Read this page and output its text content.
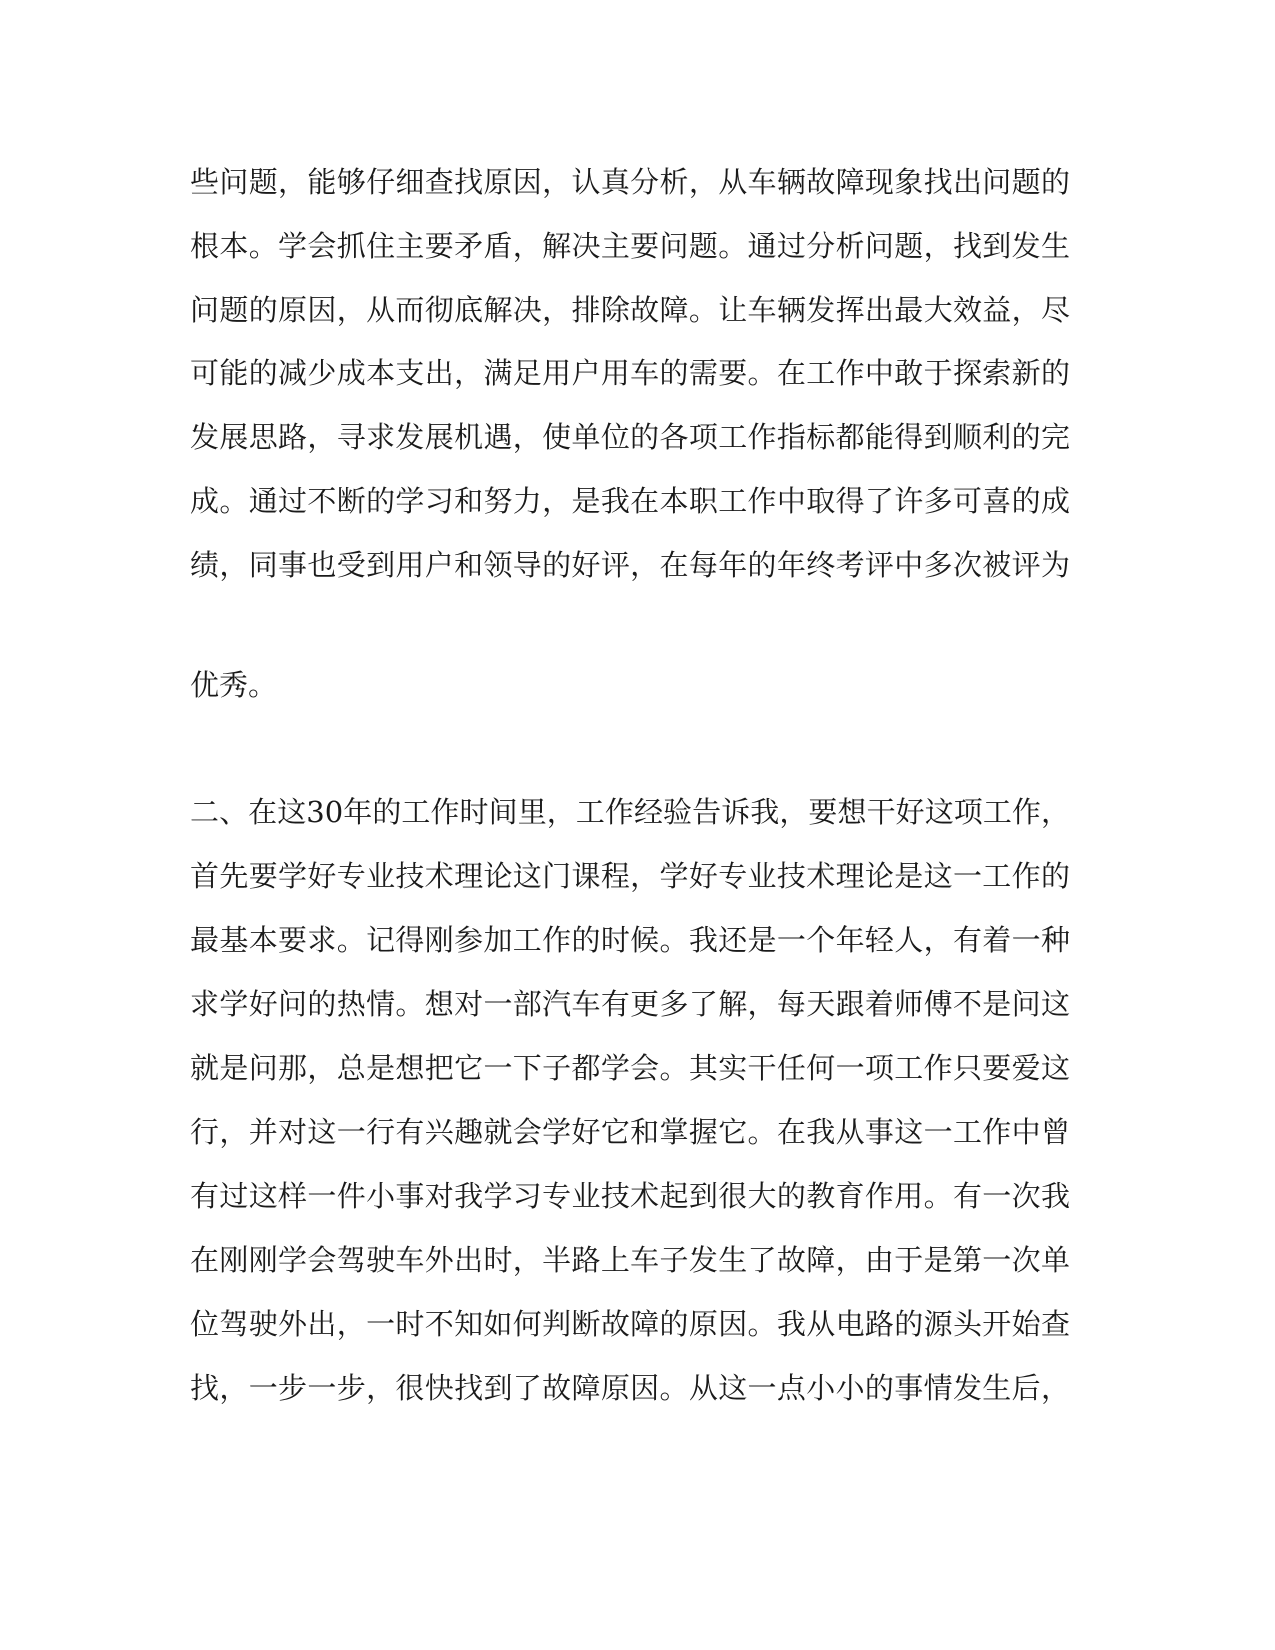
些问题，能够仔细查找原因，认真分析，从车辆故障现象找出问题的
根本。学会抓住主要矛盾，解决主要问题。通过分析问题，找到发生
问题的原因，从而彻底解决，排除故障。让车辆发挥出最大效益，尽
可能的减少成本支出，满足用户用车的需要。在工作中敢于探索新的
发展思路，寻求发展机遇，使单位的各项工作指标都能得到顺利的完
成。通过不断的学习和努力，是我在本职工作中取得了许多可喜的成
绩，同事也受到用户和领导的好评，在每年的年终考评中多次被评为
优秀。
二、在这30年的工作时间里，工作经验告诉我，要想干好这项工作，
首先要学好专业技术理论这门课程，学好专业技术理论是这一工作的
最基本要求。记得刚参加工作的时候。我还是一个年轻人，有着一种
求学好问的热情。想对一部汽车有更多了解，每天跟着师傅不是问这
就是问那，总是想把它一下子都学会。其实干任何一项工作只要爱这
行，并对这一行有兴趣就会学好它和掌握它。在我从事这一工作中曾
有过这样一件小事对我学习专业技术起到很大的教育作用。有一次我
在刚刚学会驾驶车外出时，半路上车子发生了故障，由于是第一次单
位驾驶外出，一时不知如何判断故障的原因。我从电路的源头开始查
找，一步一步，很快找到了故障原因。从这一点小小的事情发生后，
